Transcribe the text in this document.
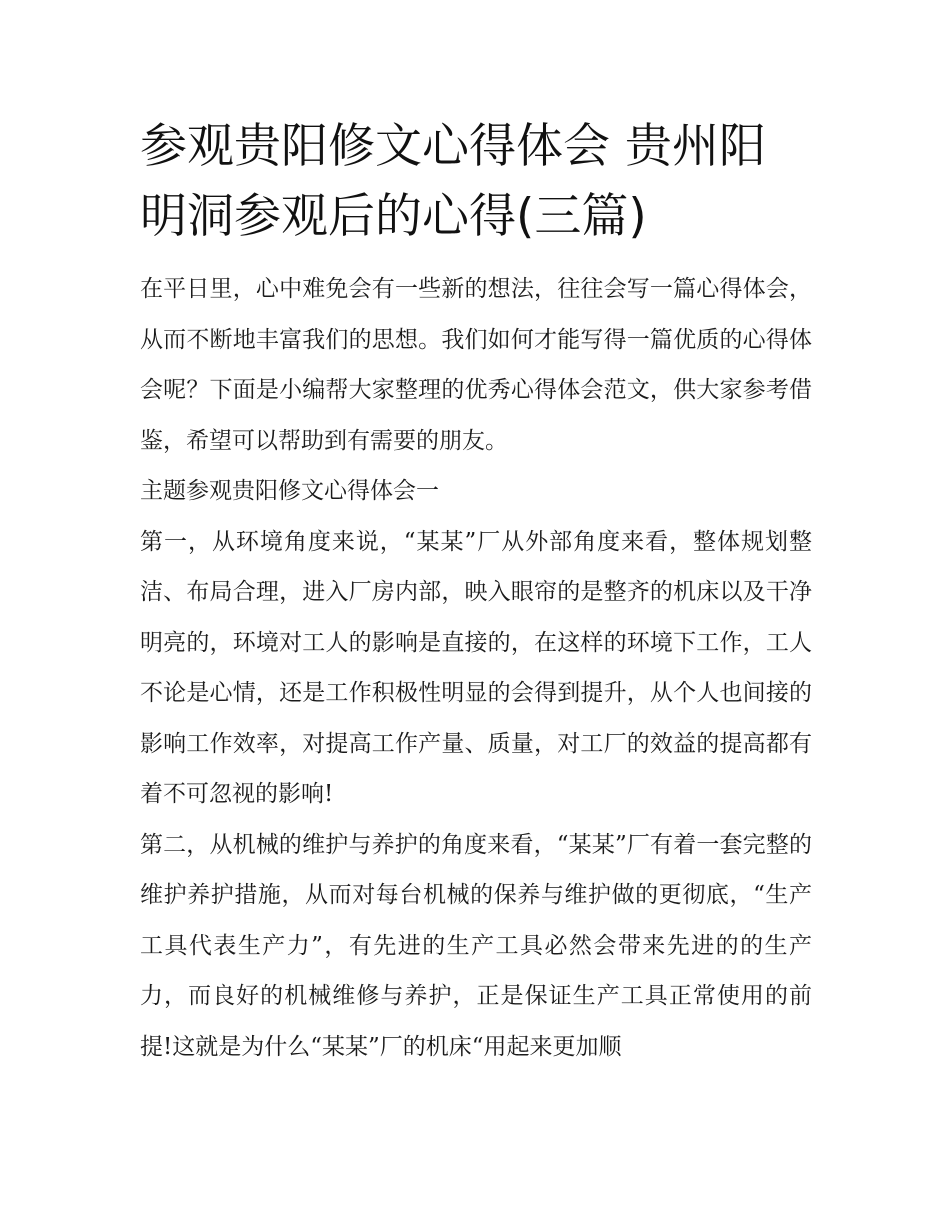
参观贵阳修文心得体会 贵州阳明洞参观后的心得(三篇)

在平日里，心中难免会有一些新的想法，往往会写一篇心得体会，从而不断地丰富我们的思想。我们如何才能写得一篇优质的心得体会呢？下面是小编帮大家整理的优秀心得体会范文，供大家参考借鉴，希望可以帮助到有需要的朋友。

主题参观贵阳修文心得体会一

第一，从环境角度来说，“某某”厂从外部角度来看，整体规划整洁、布局合理，进入厂房内部，映入眼帘的是整齐的机床以及干净明亮的，环境对工人的影响是直接的，在这样的环境下工作，工人不论是心情，还是工作积极性明显的会得到提升，从个人也间接的影响工作效率，对提高工作产量、质量，对工厂的效益的提高都有着不可忽视的影响!

第二，从机械的维护与养护的角度来看，“某某”厂有着一套完整的维护养护措施，从而对每台机械的保养与维护做的更彻底，“生产工具代表生产力”，有先进的生产工具必然会带来先进的的生产力，而良好的机械维修与养护，正是保证生产工具正常使用的前提!这就是为什么“某某”厂的机床“用起来更加顺
